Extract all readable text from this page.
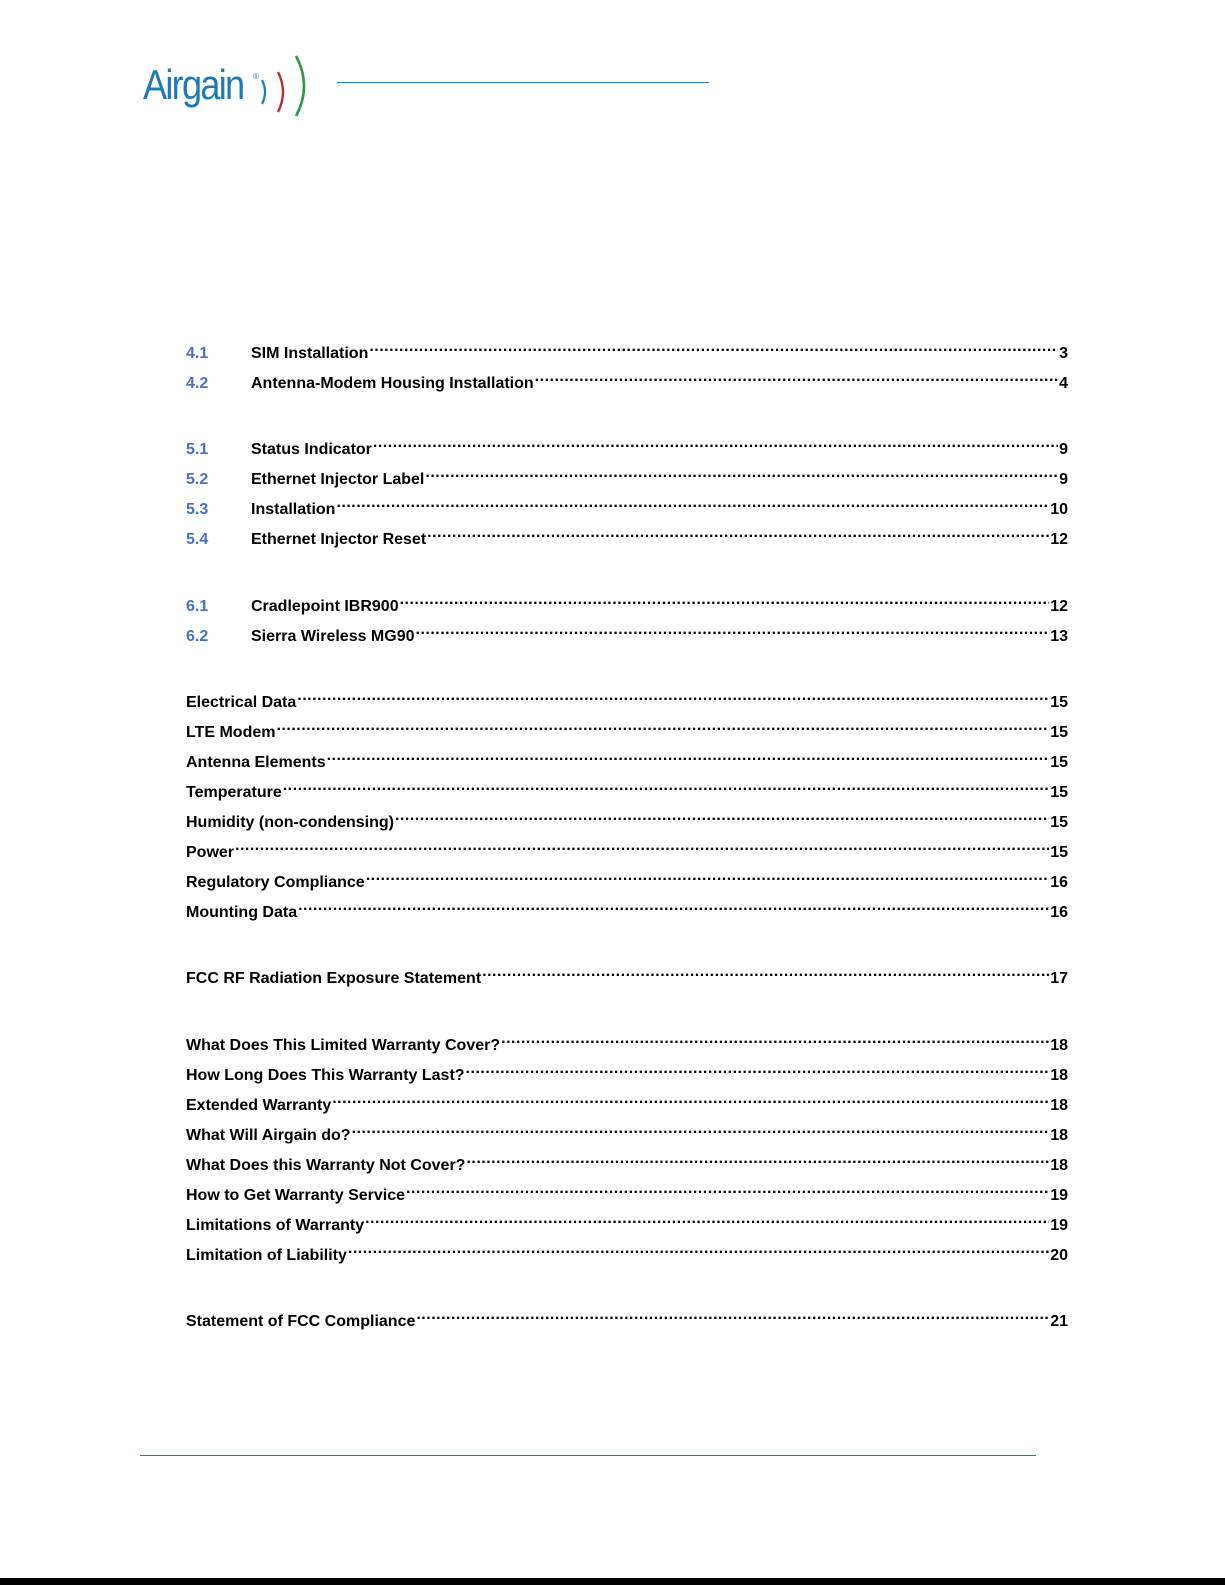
Airgain ®
4.1	SIM Installation .....	3
4.2	Antenna-Modem Housing Installation .....	4
5.1	Status Indicator .....	9
5.2	Ethernet Injector Label .....	9
5.3	Installation .....	10
5.4	Ethernet Injector Reset .....	12
6.1	Cradlepoint IBR900 .....	12
6.2	Sierra Wireless MG90 .....	13
Electrical Data .....	15
LTE Modem .....	15
Antenna Elements .....	15
Temperature .....	15
Humidity (non-condensing) .....	15
Power .....	15
Regulatory Compliance .....	16
Mounting Data .....	16
FCC RF Radiation Exposure Statement .....	17
What Does This Limited Warranty Cover? .....	18
How Long Does This Warranty Last? .....	18
Extended Warranty .....	18
What Will Airgain do? .....	18
What Does this Warranty Not Cover? .....	18
How to Get Warranty Service .....	19
Limitations of Warranty .....	19
Limitation of Liability .....	20
Statement of FCC Compliance .....	21
